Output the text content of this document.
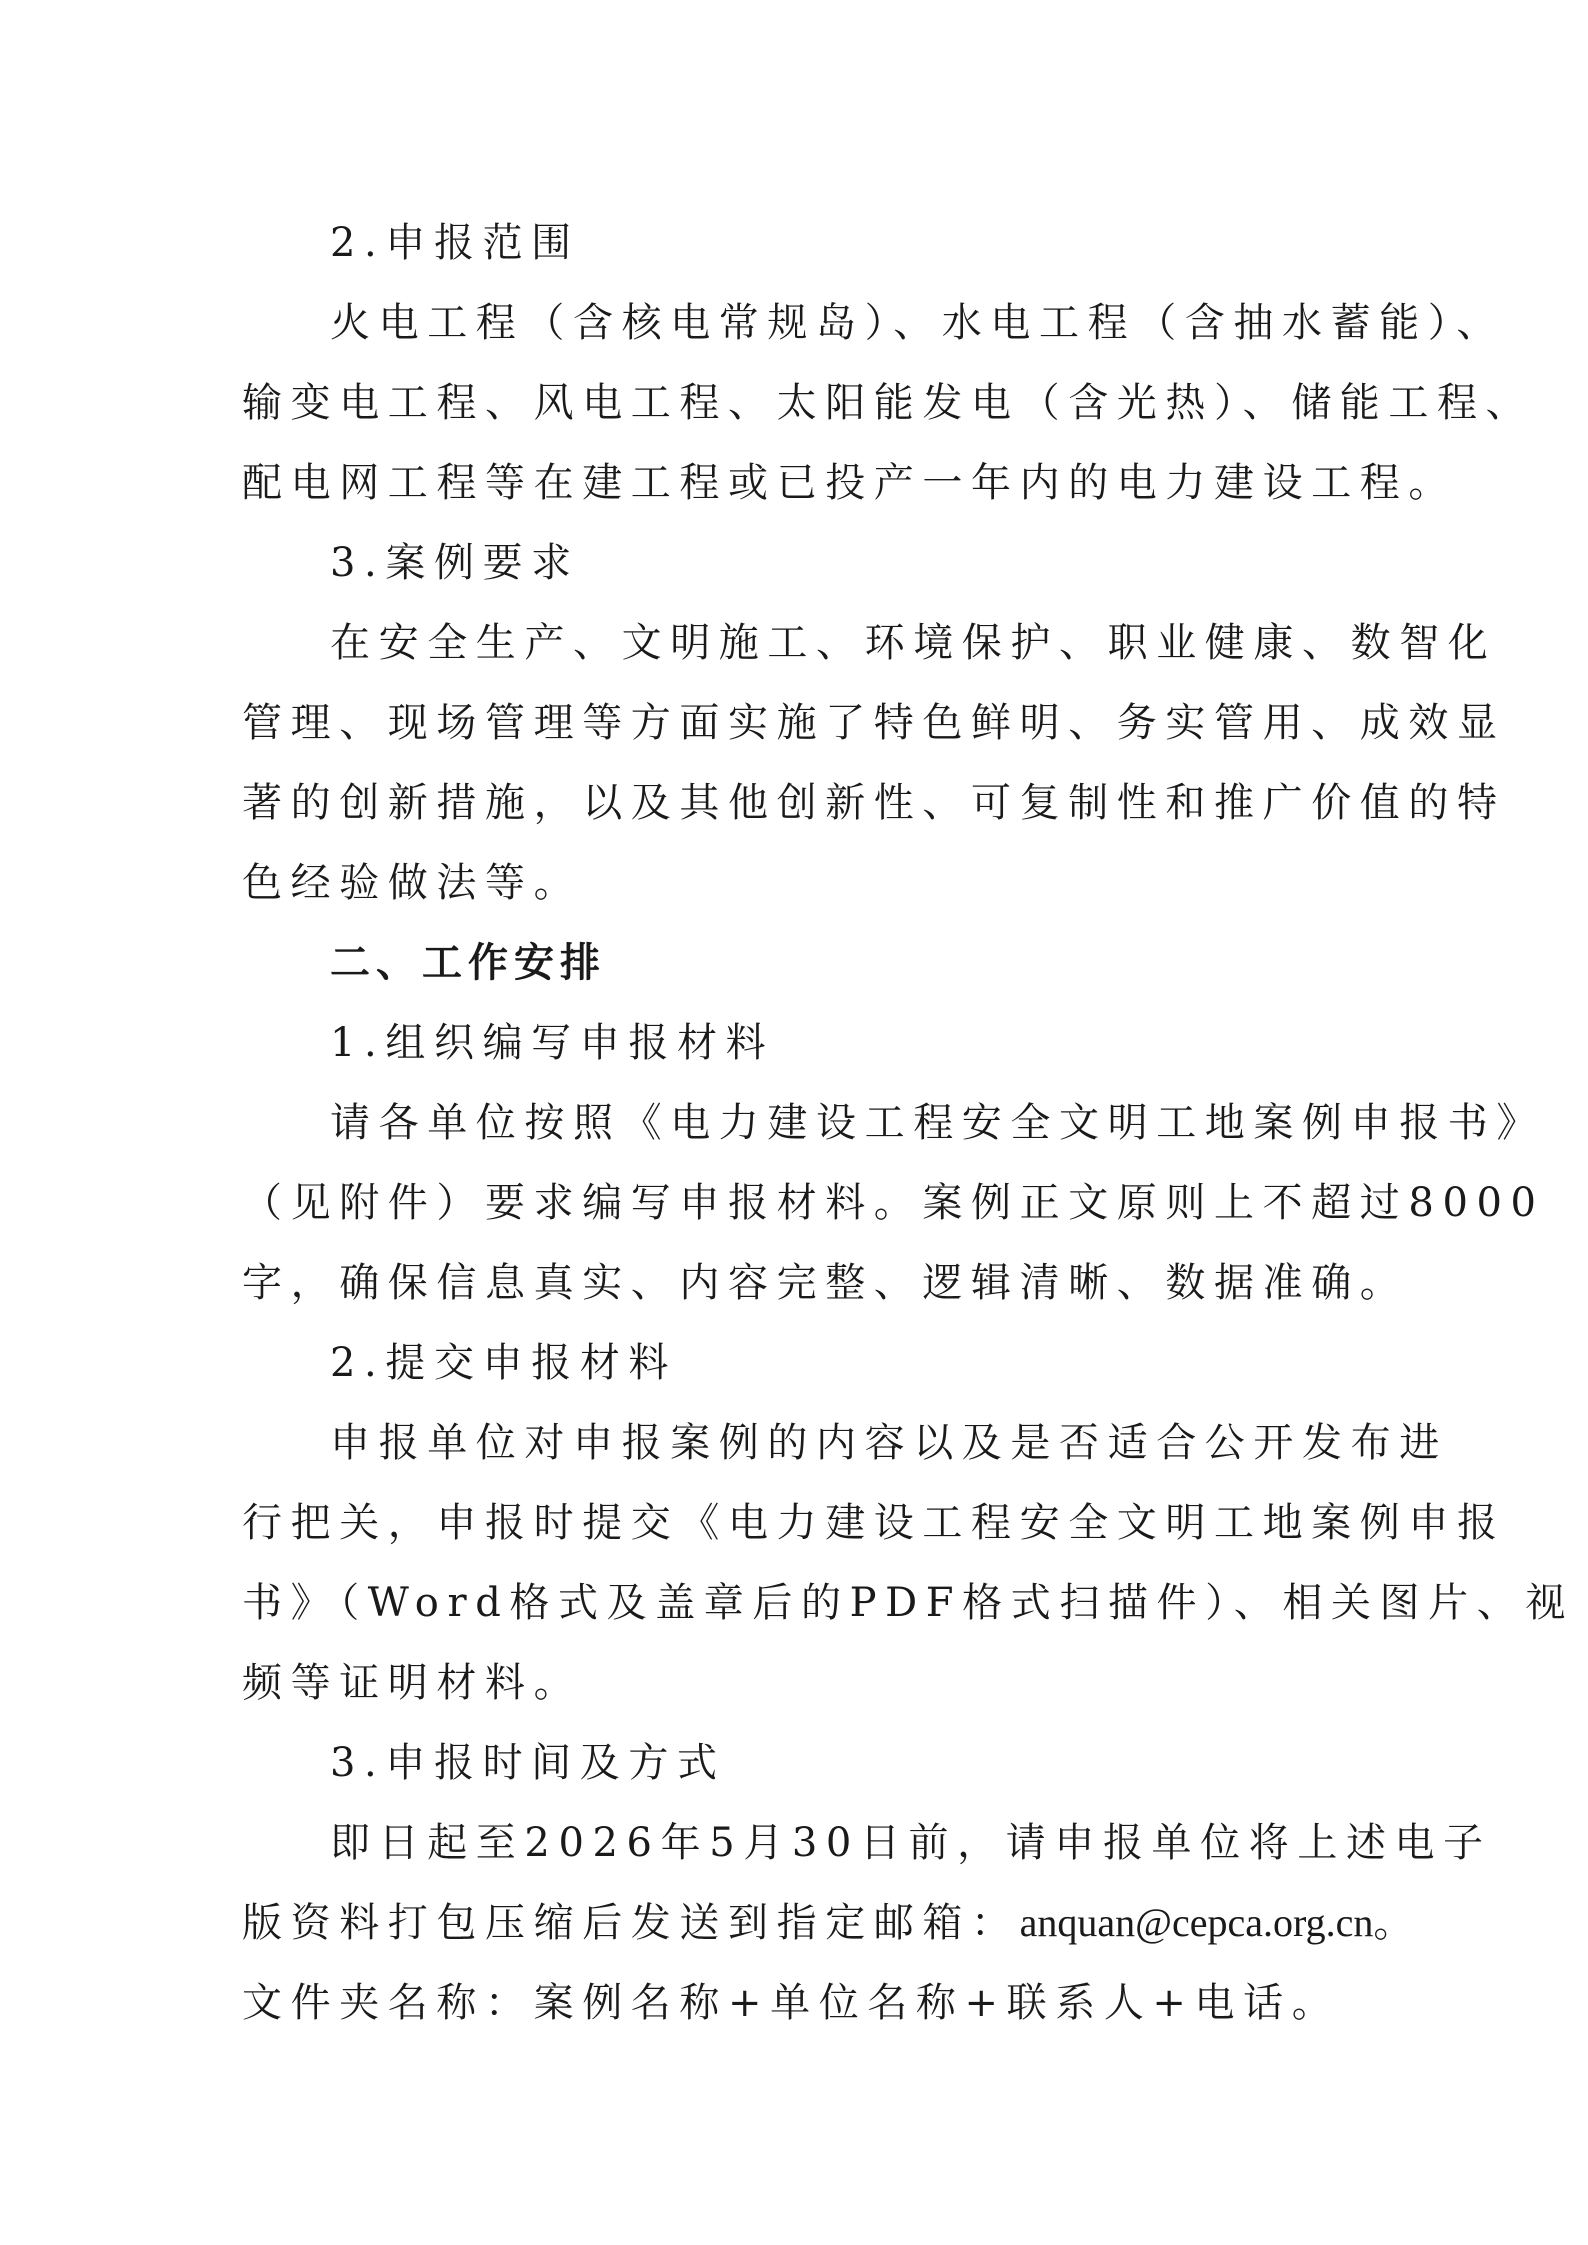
2.申报范围
火电工程（含核电常规岛）、水电工程（含抽水蓄能）、
输变电工程、风电工程、太阳能发电（含光热）、储能工程、
配电网工程等在建工程或已投产一年内的电力建设工程。
3.案例要求
在安全生产、文明施工、环境保护、职业健康、数智化
管理、现场管理等方面实施了特色鲜明、务实管用、成效显
著的创新措施，以及其他创新性、可复制性和推广价值的特
色经验做法等。
二、工作安排
1.组织编写申报材料
请各单位按照《电力建设工程安全文明工地案例申报书》
（见附件）要求编写申报材料。案例正文原则上不超过8000
字，确保信息真实、内容完整、逻辑清晰、数据准确。
2.提交申报材料
申报单位对申报案例的内容以及是否适合公开发布进
行把关，申报时提交《电力建设工程安全文明工地案例申报
书》（Word格式及盖章后的PDF格式扫描件）、相关图片、视
频等证明材料。
3.申报时间及方式
即日起至2026年5月30日前，请申报单位将上述电子
版资料打包压缩后发送到指定邮箱：anquan@cepca.org.cn。
文件夹名称：案例名称+单位名称+联系人+电话。
